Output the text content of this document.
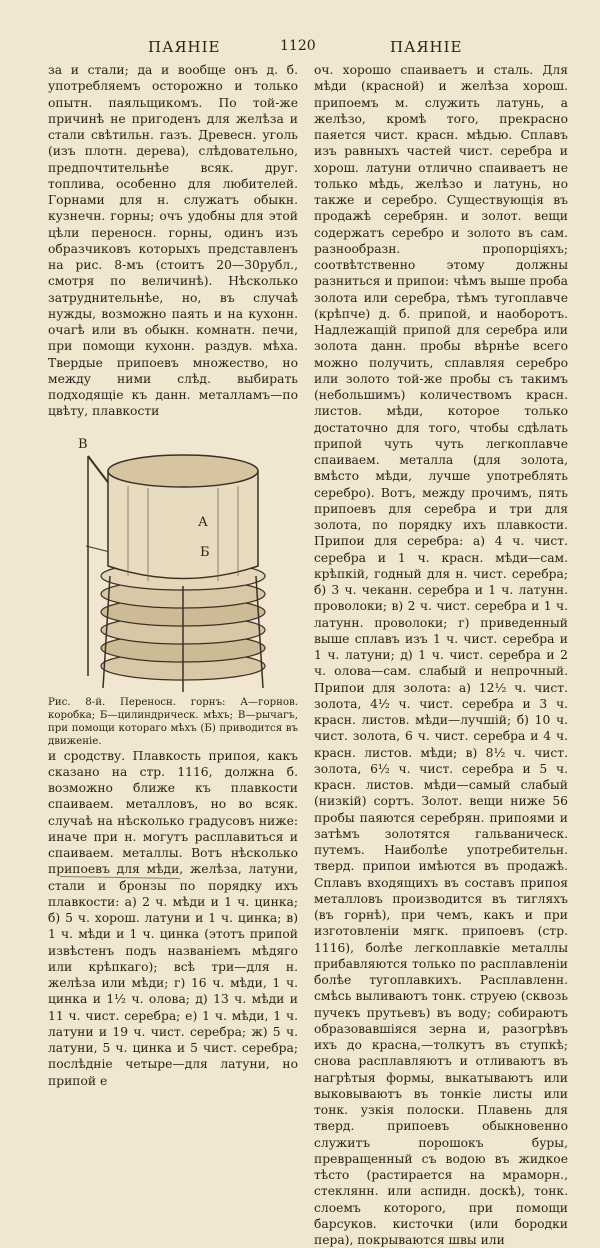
ПАЯНІЕ	1120	ПАЯНІЕ

за и стали; да и вообще онъ д. б. употребляемъ осторожно и только опытн. паяльщикомъ. По той-же причинѣ не пригоденъ для желѣза и стали свѣтильн. газъ. Древесн. уголь (изъ плотн. дерева), слѣдовательно, предпочтительнѣе всяк. друг. топлива, особенно для любителей. Горнами для н. служатъ обыкн. кузнечн. горны; очъ удобны для этой цѣли переносн. горны, одинъ изъ образчиковъ которыхъ представленъ на рис. 8-мъ (стоитъ 20—30рубл., смотря по величинѣ). Нѣсколько затруднительнѣе, но, въ случаѣ нужды, возможно паять и на кухонн. очагѣ или въ обыкн. комнатн. печи, при помощи кухонн. раздув. мѣха. Твердые припоевъ множество, но между ними слѣд. выбирать подходящіе къ данн. металламъ—по цвѣту, плавкости

В
А
Б

Рис. 8-й. Переносн. горнъ: А—горнов. коробка; Б—цилиндрическ. мѣхъ; В—рычагъ, при помощи котораго мѣхъ (Б) приводится въ движеніе.

и сродству. Плавкость припоя, какъ сказано на стр. 1116, должна б. возможно ближе къ плавкости спаиваем. металловъ, но во всяк. случаѣ на нѣсколько градусовъ ниже: иначе при н. могутъ расплавиться и спаиваем. металлы. Вотъ нѣсколько припоевъ для мѣди, желѣза, латуни, стали и бронзы по порядку ихъ плавкости: а) 2 ч. мѣди и 1 ч. цинка; б) 5 ч. хорош. латуни и 1 ч. цинка; в) 1 ч. мѣди и 1 ч. цинка (этотъ припой извѣстенъ подъ названіемъ мѣдяго или крѣпкаго); всѣ три—для н. желѣза или мѣди; г) 16 ч. мѣди, 1 ч. цинка и 1½ ч. олова; д) 13 ч. мѣди и 11 ч. чист. серебра; е) 1 ч. мѣди, 1 ч. латуни и 19 ч. чист. серебра; ж) 5 ч. латуни, 5 ч. цинка и 5 чист. серебра; послѣдніе четыре—для латуни, но припой е

оч. хорошо спаиваетъ и сталь. Для мѣди (красной) и желѣза хорош. припоемъ м. служить латунь, а желѣзо, кромѣ того, прекрасно паяется чист. красн. мѣдью. Сплавъ изъ равныхъ частей чист. серебра и хорош. латуни отлично спаиваетъ не только мѣдь, желѣзо и латунь, но также и серебро. Существующія въ продажѣ серебрян. и золот. вещи содержатъ серебро и золото въ сам. разнообразн. пропорціяхъ; соотвѣтственно этому должны разниться и припои: чѣмъ выше проба золота или серебра, тѣмъ тугоплавче (крѣпче) д. б. припой, и наоборотъ. Надлежащій припой для серебра или золота данн. пробы вѣрнѣе всего можно получить, сплавляя серебро или золото той-же пробы съ такимъ (небольшимъ) количествомъ красн. листов. мѣди, которое только достаточно для того, чтобы сдѣлать припой чуть чуть легкоплавче спаиваем. металла (для золота, вмѣсто мѣди, лучше употреблять серебро). Вотъ, между прочимъ, пять припоевъ для серебра и три для золота, по порядку ихъ плавкости. Припои для серебра: а) 4 ч. чист. серебра и 1 ч. красн. мѣди—сам. крѣпкій, годный для н. чист. серебра; б) 3 ч. чеканн. серебра и 1 ч. латунн. проволоки; в) 2 ч. чист. серебра и 1 ч. латунн. проволоки; г) приведенный выше сплавъ изъ 1 ч. чист. серебра и 1 ч. латуни; д) 1 ч. чист. серебра и 2 ч. олова—сам. слабый и непрочный. Припои для золота: а) 12½ ч. чист. золота, 4½ ч. чист. серебра и 3 ч. красн. листов. мѣди—лучшій; б) 10 ч. чист. золота, 6 ч. чист. серебра и 4 ч. красн. листов. мѣди; в) 8½ ч. чист. золота, 6½ ч. чист. серебра и 5 ч. красн. листов. мѣди—самый слабый (низкій) сортъ. Золот. вещи ниже 56 пробы паяются серебрян. припоями и затѣмъ золотятся гальваническ. путемъ. Наиболѣе употребительн. тверд. припои имѣются въ продажѣ. Сплавъ входящихъ въ составъ припоя металловъ производится въ тигляхъ (въ горнѣ), при чемъ, какъ и при изготовленіи мягк. припоевъ (стр. 1116), болѣе легкоплавкіе металлы прибавляются только по расплавленіи болѣе тугоплавкихъ. Расплавленн. смѣсь выливаютъ тонк. струею (сквозь пучекъ прутьевъ) въ воду; собираютъ образовавшіяся зерна и, разогрѣвъ ихъ до красна,—толкутъ въ ступкѣ; снова расплавляютъ и отливаютъ въ нагрѣтыя формы, выкатываютъ или выковываютъ въ тонкіе листы или тонк. узкія полоски. Плавень для тверд. припоевъ обыкновенно служитъ порошокъ буры, превращенный съ водою въ жидкое тѣсто (растирается на мраморн., стеклянн. или аспидн. доскѣ), тонк. слоемъ которого, при помощи барсуков. кисточки (или бородки пера), покрываются швы или
